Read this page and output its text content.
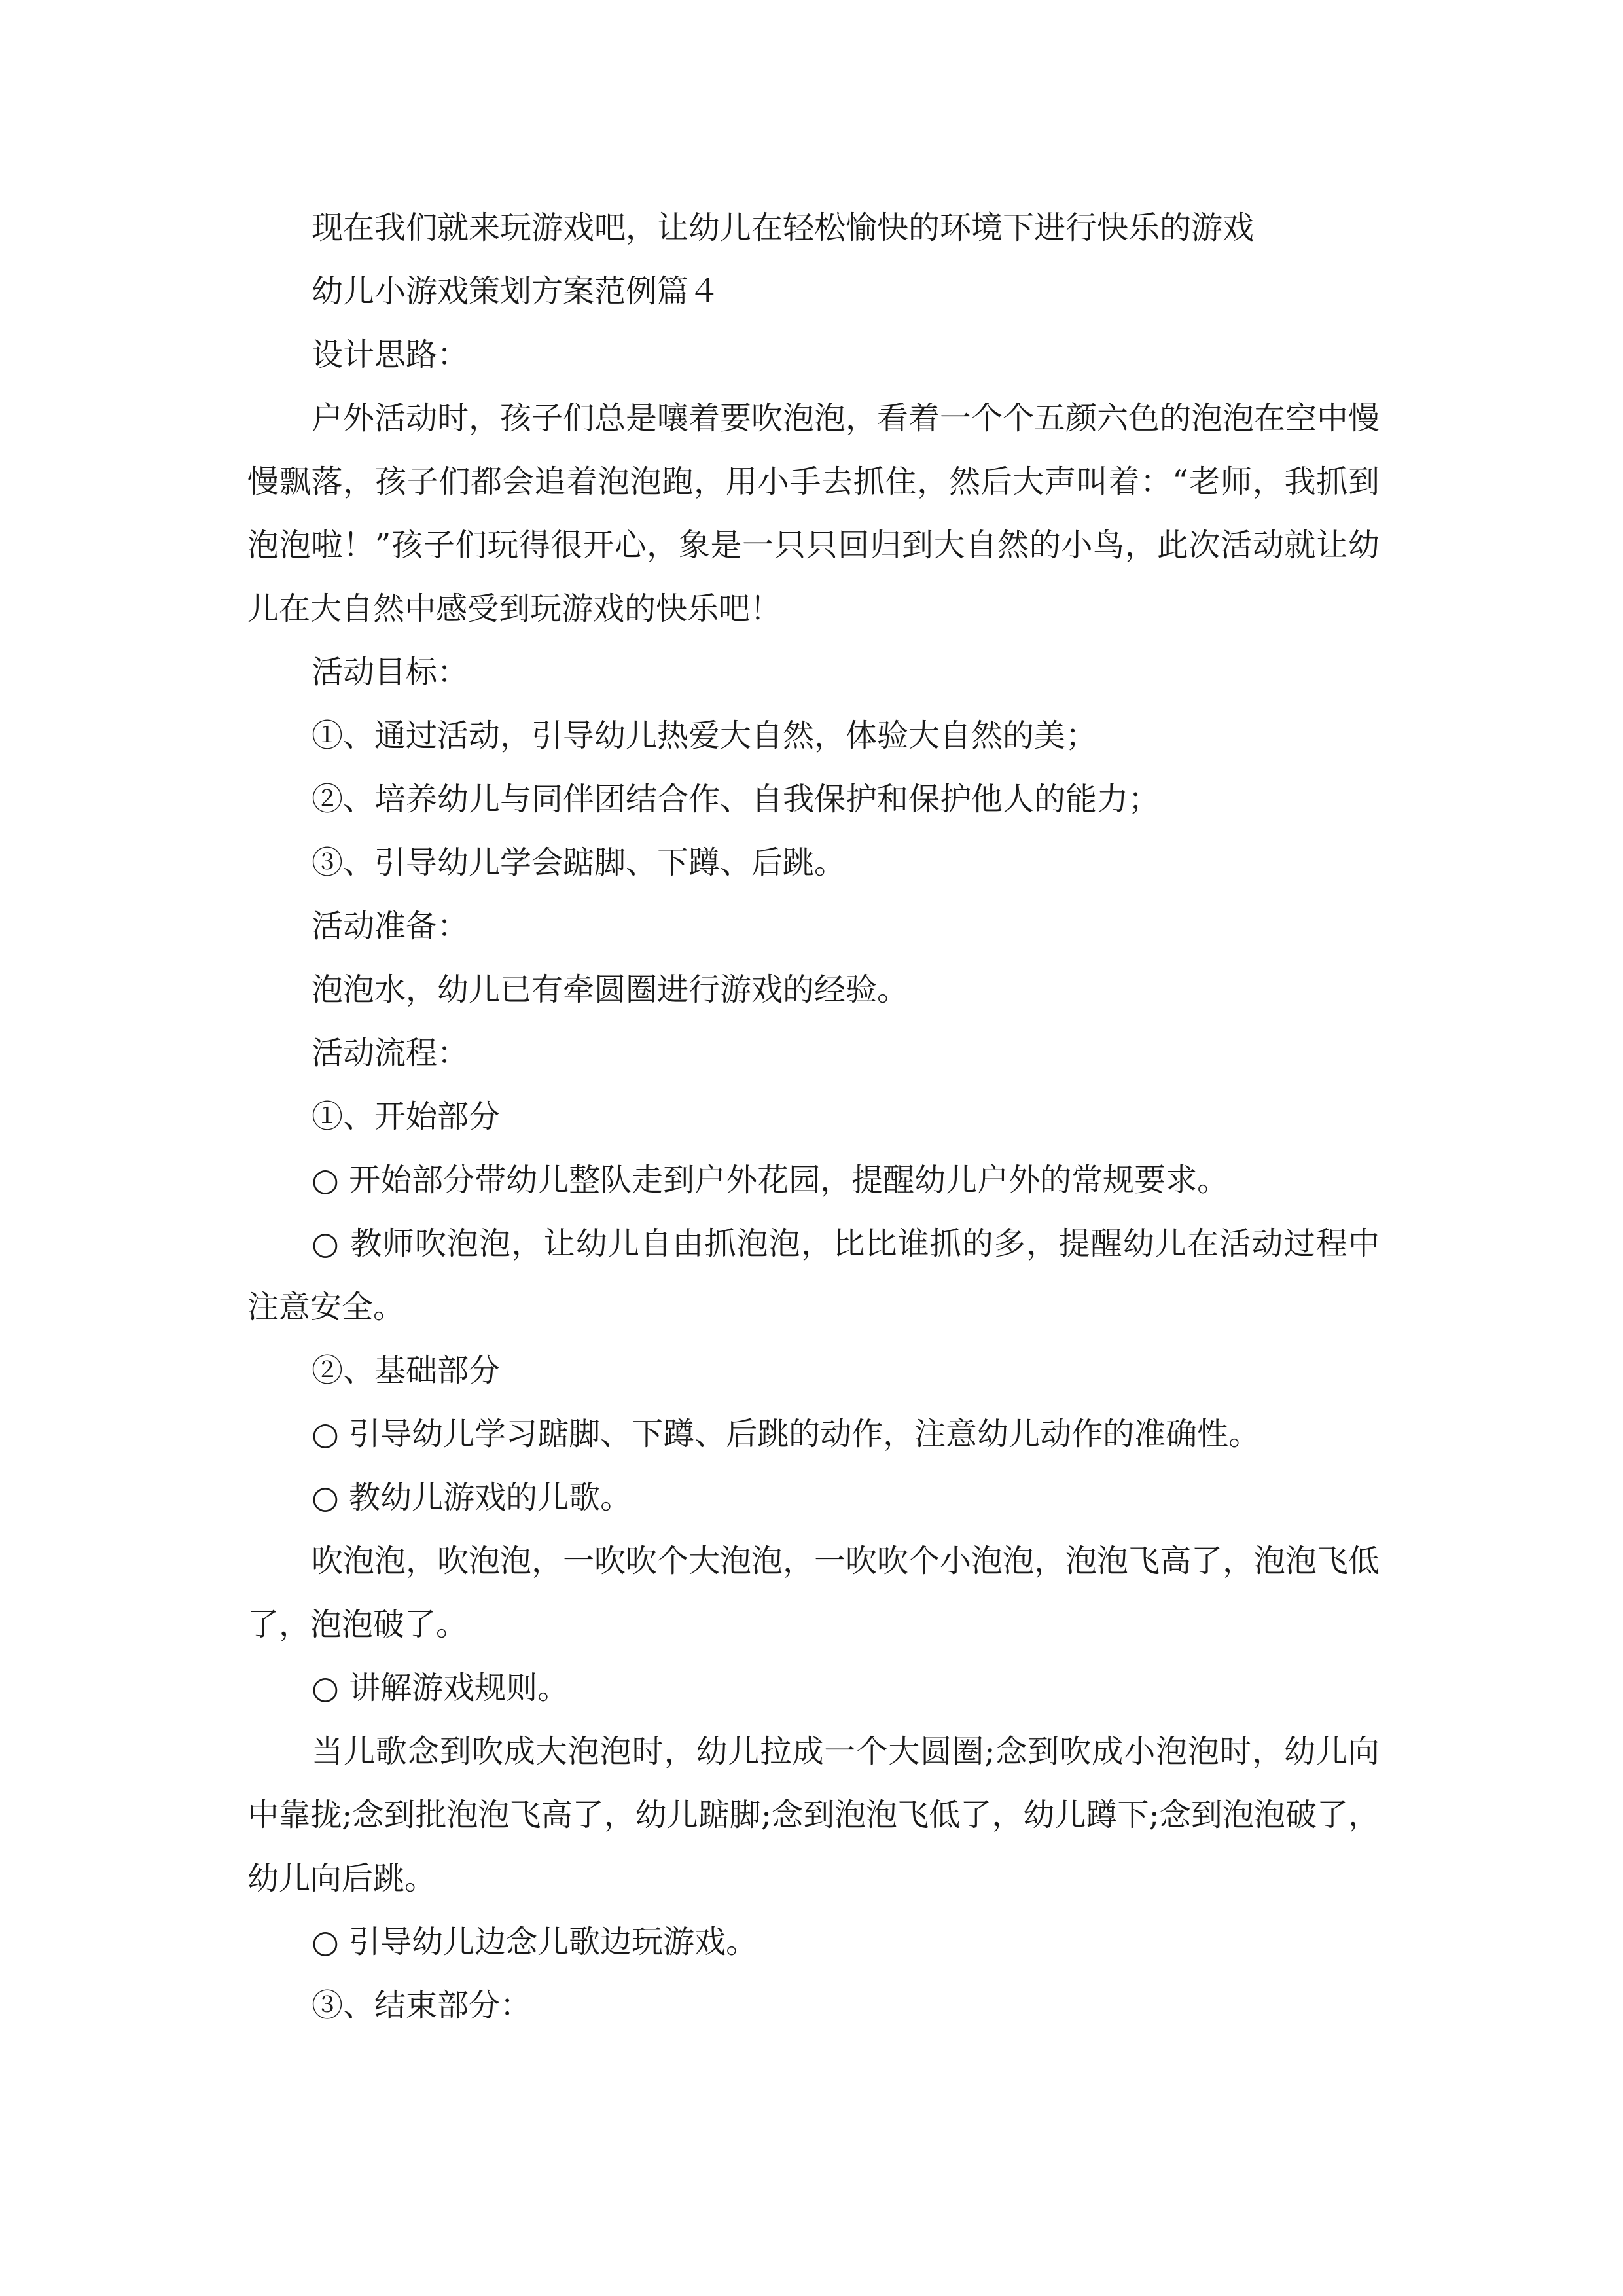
现在我们就来玩游戏吧，让幼儿在轻松愉快的环境下进行快乐的游戏

幼儿小游戏策划方案范例篇４

设计思路：

户外活动时，孩子们总是嚷着要吹泡泡，看着一个个五颜六色的泡泡在空中慢慢飘落，孩子们都会追着泡泡跑，用小手去抓住，然后大声叫着：“老师，我抓到泡泡啦！”孩子们玩得很开心，象是一只只回归到大自然的小鸟，此次活动就让幼儿在大自然中感受到玩游戏的快乐吧！

活动目标：

①、通过活动，引导幼儿热爱大自然，体验大自然的美；

②、培养幼儿与同伴团结合作、自我保护和保护他人的能力；

③、引导幼儿学会踮脚、下蹲、后跳。

活动准备：

泡泡水，幼儿已有牵圆圈进行游戏的经验。

活动流程：

①、开始部分

○ 开始部分带幼儿整队走到户外花园，提醒幼儿户外的常规要求。

○ 教师吹泡泡，让幼儿自由抓泡泡，比比谁抓的多，提醒幼儿在活动过程中注意安全。

②、基础部分

○ 引导幼儿学习踮脚、下蹲、后跳的动作，注意幼儿动作的准确性。

○ 教幼儿游戏的儿歌。

吹泡泡，吹泡泡，一吹吹个大泡泡，一吹吹个小泡泡，泡泡飞高了，泡泡飞低了，泡泡破了。

○ 讲解游戏规则。

当儿歌念到吹成大泡泡时，幼儿拉成一个大圆圈;念到吹成小泡泡时，幼儿向中靠拢;念到批泡泡飞高了，幼儿踮脚;念到泡泡飞低了，幼儿蹲下;念到泡泡破了，幼儿向后跳。

○ 引导幼儿边念儿歌边玩游戏。

③、结束部分：
